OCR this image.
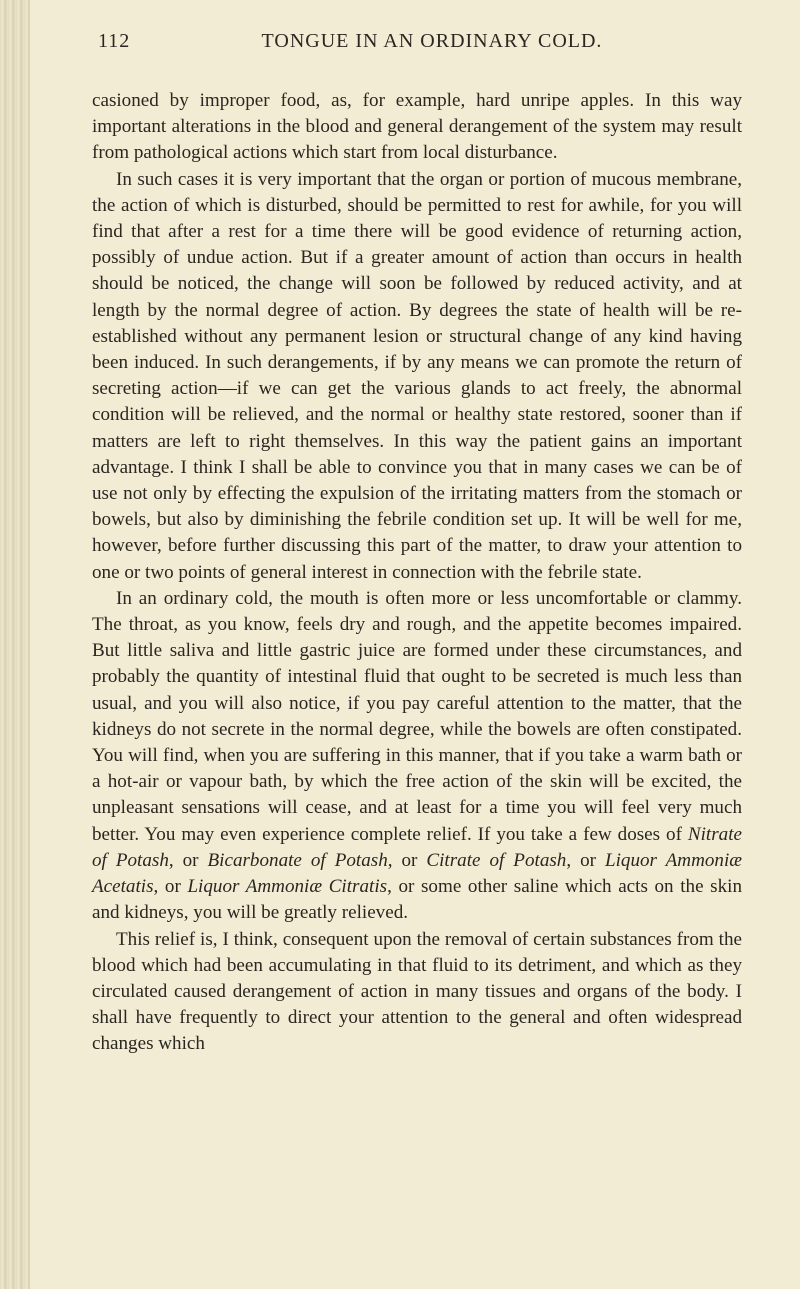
112	TONGUE IN AN ORDINARY COLD.

casioned by improper food, as, for example, hard unripe apples. In this way important alterations in the blood and general derangement of the system may result from pathological actions which start from local disturbance.

In such cases it is very important that the organ or portion of mucous membrane, the action of which is disturbed, should be permitted to rest for awhile, for you will find that after a rest for a time there will be good evidence of returning action, possibly of undue action. But if a greater amount of action than occurs in health should be noticed, the change will soon be followed by reduced activity, and at length by the normal degree of action. By degrees the state of health will be re-established without any permanent lesion or structural change of any kind having been induced. In such derangements, if by any means we can promote the return of secreting action—if we can get the various glands to act freely, the abnormal condition will be relieved, and the normal or healthy state restored, sooner than if matters are left to right themselves. In this way the patient gains an important advantage. I think I shall be able to convince you that in many cases we can be of use not only by effecting the expulsion of the irritating matters from the stomach or bowels, but also by diminishing the febrile condition set up. It will be well for me, however, before further discussing this part of the matter, to draw your attention to one or two points of general interest in connection with the febrile state.

In an ordinary cold, the mouth is often more or less uncomfortable or clammy. The throat, as you know, feels dry and rough, and the appetite becomes impaired. But little saliva and little gastric juice are formed under these circumstances, and probably the quantity of intestinal fluid that ought to be secreted is much less than usual, and you will also notice, if you pay careful attention to the matter, that the kidneys do not secrete in the normal degree, while the bowels are often constipated. You will find, when you are suffering in this manner, that if you take a warm bath or a hot-air or vapour bath, by which the free action of the skin will be excited, the unpleasant sensations will cease, and at least for a time you will feel very much better. You may even experience complete relief. If you take a few doses of Nitrate of Potash, or Bicarbonate of Potash, or Citrate of Potash, or Liquor Ammoniæ Acetatis, or Liquor Ammoniæ Citratis, or some other saline which acts on the skin and kidneys, you will be greatly relieved.

This relief is, I think, consequent upon the removal of certain substances from the blood which had been accumulating in that fluid to its detriment, and which as they circulated caused derangement of action in many tissues and organs of the body. I shall have frequently to direct your attention to the general and often widespread changes which
